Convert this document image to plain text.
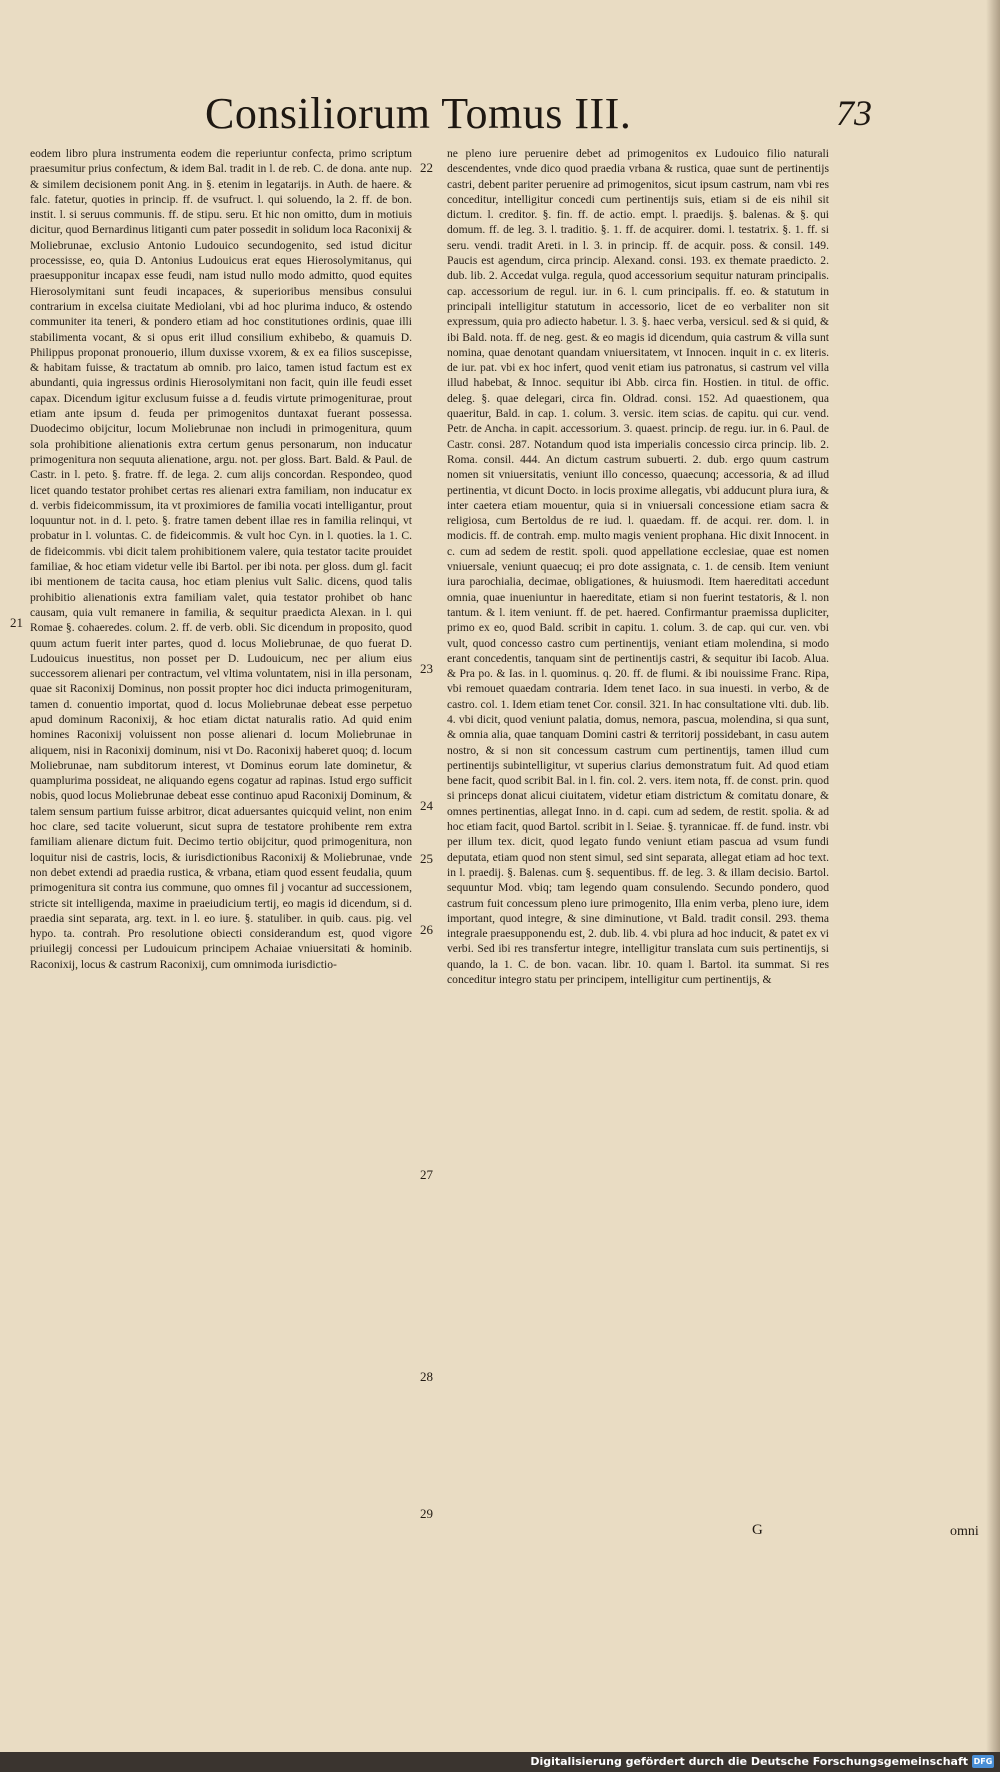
Consiliorum Tomus III.	73

eodem libro plura instrumenta eodem die reperiuntur confecta, primo scriptum praesumitur prius confectum, & idem Bal. tradit in l. de reb. C. de dona. ante nup. & similem decisionem ponit Ang. in §. etenim in legatarijs. in Auth. de haere. & falc. fatetur, quoties in princip. ff. de vsufruct. l. qui soluendo, la 2. ff. de bon. instit. l. si seruus communis. ff. de stipu. seru. Et hic non omitto, dum in motiuis dicitur, quod Bernardinus litiganti cum pater possedit in solidum loca Raconixij & Moliebrunae, exclusio Antonio Ludouico secundogenito, sed istud dicitur processisse, eo, quia D. Antonius Ludouicus erat eques Hierosolymitanus, qui praesupponitur incapax esse feudi, nam istud nullo modo admitto, quod equites Hierosolymitani sunt feudi incapaces, & superioribus mensibus consului contrarium in excelsa ciuitate Mediolani, vbi ad hoc plurima induco, & ostendo communiter ita teneri, & pondero etiam ad hoc constitutiones ordinis, quae illi stabilimenta vocant, & si opus erit illud consilium exhibebo, & quamuis D. Philippus proponat pronouerio, illum duxisse vxorem, & ex ea filios suscepisse, & habitam fuisse, & tractatum ab omnib. pro laico, tamen istud factum est ex abundanti, quia ingressus ordinis Hierosolymitani non facit, quin ille feudi esset capax. Dicendum igitur exclusum fuisse a d. feudis virtute primogeniturae, prout etiam ante ipsum d. feuda per primogenitos duntaxat fuerant possessa. Duodecimo obijcitur, locum Moliebrunae non includi in primogenitura, quum sola prohibitione alienationis extra certum genus personarum, non inducatur primogenitura non sequuta alienatione, argu. not. per gloss. Bart. Bald. & Paul. de Castr. in l. peto. §. fratre. ff. de lega. 2. cum alijs concordan. Respondeo, quod licet quando testator prohibet certas res alienari extra familiam, non inducatur ex d. verbis fideicommissum, ita vt proximiores de familia vocati intelligantur, prout loquuntur not. in d. l. peto. §. fratre tamen debent illae res in familia relinqui, vt probatur in l. voluntas. C. de fideicommis. & vult hoc Cyn. in l. quoties. la 1. C. de fideicommis. vbi dicit talem prohibitionem valere, quia testator tacite prouidet familiae, & hoc etiam videtur velle ibi Bartol. per ibi nota. per gloss. dum gl. facit ibi mentionem de tacita causa, hoc etiam plenius vult Salic. dicens, quod talis prohibitio alienationis extra familiam valet, quia testator prohibet ob hanc causam, quia vult remanere in familia, & sequitur praedicta Alexan. in l. qui Romae §. cohaeredes. colum. 2. ff. de verb. obli. Sic dicendum in proposito, quod quum actum fuerit inter partes, quod d. locus Moliebrunae, de quo fuerat D. Ludouicus inuestitus, non posset per D. Ludouicum, nec per alium eius successorem alienari per contractum, vel vltima voluntatem, nisi in illa personam, quae sit Raconixij Dominus, non possit propter hoc dici inducta primogenituram, tamen d. conuentio importat, quod d. locus Moliebrunae debeat esse perpetuo apud dominum Raconixij, & hoc etiam dictat naturalis ratio. Ad quid enim homines Raconixij voluissent non posse alienari d. locum Moliebrunae in aliquem, nisi in Raconixij dominum, nisi vt Do. Raconixij haberet quoq; d. locum Moliebrunae, nam subditorum interest, vt Dominus eorum late dominetur, & quamplurima possideat, ne aliquando egens cogatur ad rapinas. Istud ergo sufficit nobis, quod locus Moliebrunae debeat esse continuo apud Raconixij Dominum, & talem sensum partium fuisse arbitror, dicat aduersantes quicquid velint, non enim hoc clare, sed tacite voluerunt, sicut supra de testatore prohibente rem extra familiam alienare dictum fuit. Decimo tertio obijcitur, quod primogenitura, non loquitur nisi de castris, locis, & iurisdictionibus Raconixij & Moliebrunae, vnde non debet extendi ad praedia rustica, & vrbana, etiam quod essent feudalia, quum primogenitura sit contra ius commune, quo omnes fil j vocantur ad successionem, stricte sit intelligenda, maxime in praeiudicium tertij, eo magis id dicendum, si d. praedia sint separata, arg. text. in l. eo iure. §. statuliber. in quib. caus. pig. vel hypo. ta. contrah. Pro resolutione obiecti considerandum est, quod vigore priuilegij concessi per Ludouicum principem Achaiae vniuersitati & hominib. Raconixij, locus & castrum Raconixij, cum omnimoda iurisdictio-

22
23
24
25
26
27
28
29
21

ne pleno iure peruenire debet ad primogenitos ex Ludouico filio naturali descendentes, vnde dico quod praedia vrbana & rustica, quae sunt de pertinentijs castri, debent pariter peruenire ad primogenitos, sicut ipsum castrum, nam vbi res conceditur, intelligitur concedi cum pertinentijs suis, etiam si de eis nihil sit dictum. l. creditor. §. fin. ff. de actio. empt. l. praedijs. §. balenas. & §. qui domum. ff. de leg. 3. l. traditio. §. 1. ff. de acquirer. domi. l. testatrix. §. 1. ff. si seru. vendi. tradit Areti. in l. 3. in princip. ff. de acquir. poss. & consil. 149. Paucis est agendum, circa princip. Alexand. consi. 193. ex themate praedicto. 2. dub. lib. 2. Accedat vulga. regula, quod accessorium sequitur naturam principalis. cap. accessorium de regul. iur. in 6. l. cum principalis. ff. eo. & statutum in principali intelligitur statutum in accessorio, licet de eo verbaliter non sit expressum, quia pro adiecto habetur. l. 3. §. haec verba, versicul. sed & si quid, & ibi Bald. nota. ff. de neg. gest. & eo magis id dicendum, quia castrum & villa sunt nomina, quae denotant quandam vniuersitatem, vt Innocen. inquit in c. ex literis. de iur. pat. vbi ex hoc infert, quod venit etiam ius patronatus, si castrum vel villa illud habebat, & Innoc. sequitur ibi Abb. circa fin. Hostien. in titul. de offic. deleg. §. quae delegari, circa fin. Oldrad. consi. 152. Ad quaestionem, qua quaeritur, Bald. in cap. 1. colum. 3. versic. item scias. de capitu. qui cur. vend. Petr. de Ancha. in capit. accessorium. 3. quaest. princip. de regu. iur. in 6. Paul. de Castr. consi. 287. Notandum quod ista imperialis concessio circa princip. lib. 2. Roma. consil. 444. An dictum castrum subuerti. 2. dub. ergo quum castrum nomen sit vniuersitatis, veniunt illo concesso, quaecunq; accessoria, & ad illud pertinentia, vt dicunt Docto. in locis proxime allegatis, vbi adducunt plura iura, & inter caetera etiam mouentur, quia si in vniuersali concessione etiam sacra & religiosa, cum Bertoldus de re iud. l. quaedam. ff. de acqui. rer. dom. l. in modicis. ff. de contrah. emp. multo magis venient prophana. Hic dixit Innocent. in c. cum ad sedem de restit. spoli. quod appellatione ecclesiae, quae est nomen vniuersale, veniunt quaecuq; ei pro dote assignata, c. 1. de censib. Item veniunt iura parochialia, decimae, obligationes, & huiusmodi. Item haereditati accedunt omnia, quae inueniuntur in haereditate, etiam si non fuerint testatoris, & l. non tantum. & l. item veniunt. ff. de pet. haered. Confirmantur praemissa dupliciter, primo ex eo, quod Bald. scribit in capitu. 1. colum. 3. de cap. qui cur. ven. vbi vult, quod concesso castro cum pertinentijs, veniant etiam molendina, si modo erant concedentis, tanquam sint de pertinentijs castri, & sequitur ibi Iacob. Alua. & Pra po. & Ias. in l. quominus. q. 20. ff. de flumi. & ibi nouissime Franc. Ripa, vbi remouet quaedam contraria. Idem tenet Iaco. in sua inuesti. in verbo, & de castro. col. 1. Idem etiam tenet Cor. consil. 321. In hac consultatione vlti. dub. lib. 4. vbi dicit, quod veniunt palatia, domus, nemora, pascua, molendina, si qua sunt, & omnia alia, quae tanquam Domini castri & territorij possidebant, in casu autem nostro, & si non sit concessum castrum cum pertinentijs, tamen illud cum pertinentijs subintelligitur, vt superius clarius demonstratum fuit. Ad quod etiam bene facit, quod scribit Bal. in l. fin. col. 2. vers. item nota, ff. de const. prin. quod si princeps donat alicui ciuitatem, videtur etiam districtum & comitatu donare, & omnes pertinentias, allegat Inno. in d. capi. cum ad sedem, de restit. spolia. & ad hoc etiam facit, quod Bartol. scribit in l. Seiae. §. tyrannicae. ff. de fund. instr. vbi per illum tex. dicit, quod legato fundo veniunt etiam pascua ad vsum fundi deputata, etiam quod non stent simul, sed sint separata, allegat etiam ad hoc text. in l. praedij. §. Balenas. cum §. sequentibus. ff. de leg. 3. & illam decisio. Bartol. sequuntur Mod. vbiq; tam legendo quam consulendo. Secundo pondero, quod castrum fuit concessum pleno iure primogenito, Illa enim verba, pleno iure, idem important, quod integre, & sine diminutione, vt Bald. tradit consil. 293. thema integrale praesupponendu est, 2. dub. lib. 4. vbi plura ad hoc inducit, & patet ex vi verbi. Sed ibi res transfertur integre, intelligitur translata cum suis pertinentijs, si quando, la 1. C. de bon. vacan. libr. 10. quam l. Bartol. ita summat. Si res conceditur integro statu per principem, intelligitur cum pertinentijs, &

G	omni
Digitalisierung gefördert durch die Deutsche Forschungsgemeinschaft DFG
